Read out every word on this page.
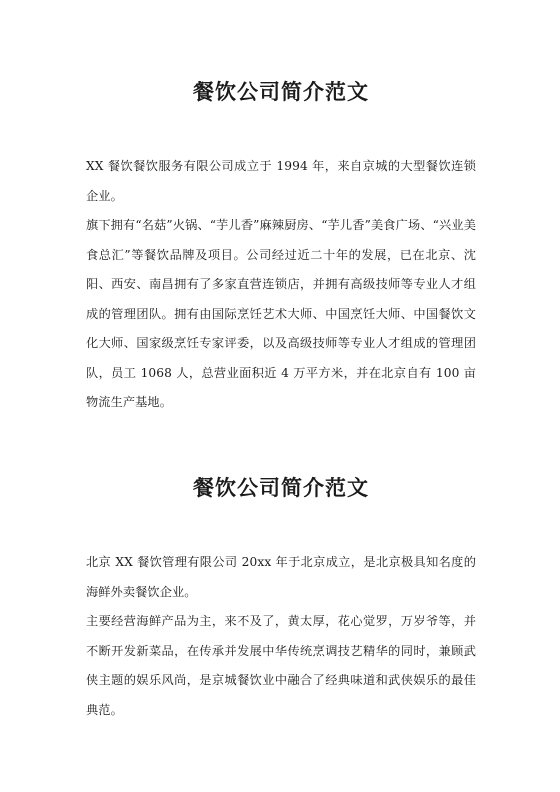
餐饮公司简介范文

XX 餐饮餐饮服务有限公司成立于 1994 年，来自京城的大型餐饮连锁企业。

旗下拥有“名菇”火锅、“芋儿香”麻辣厨房、“芋儿香”美食广场、“兴业美食总汇”等餐饮品牌及项目。公司经过近二十年的发展，已在北京、沈阳、西安、南昌拥有了多家直营连锁店，并拥有高级技师等专业人才组成的管理团队。拥有由国际烹饪艺术大师、中国烹饪大师、中国餐饮文化大师、国家级烹饪专家评委，以及高级技师等专业人才组成的管理团队，员工 1068 人，总营业面积近 4 万平方米，并在北京自有 100 亩物流生产基地。

餐饮公司简介范文

北京 XX 餐饮管理有限公司 20xx 年于北京成立，是北京极具知名度的海鲜外卖餐饮企业。

主要经营海鲜产品为主，来不及了，黄太厚，花心觉罗，万岁爷等，并不断开发新菜品，在传承并发展中华传统烹调技艺精华的同时，兼顾武侠主题的娱乐风尚，是京城餐饮业中融合了经典味道和武侠娱乐的最佳典范。
